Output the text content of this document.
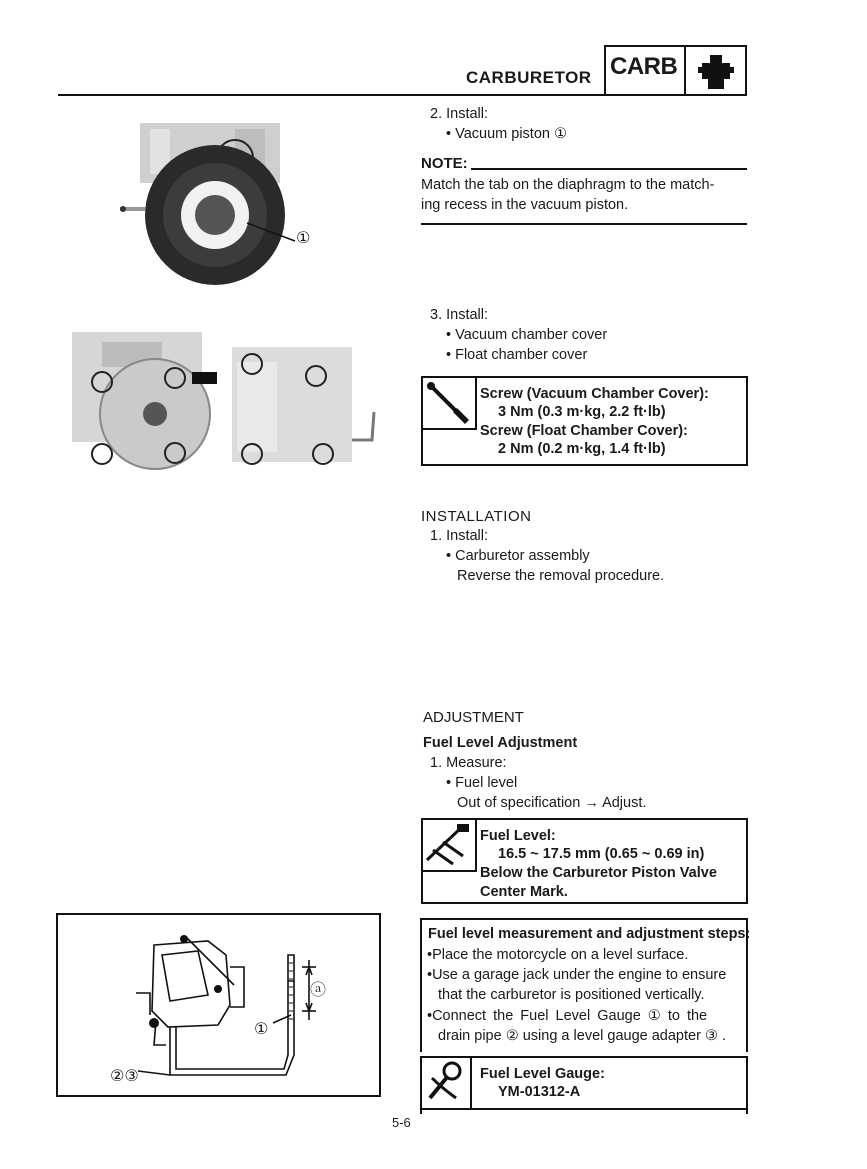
CARBURETOR CARB
①
2. Install:
• Vacuum piston ①
NOTE:
Match the tab on the diaphragm to the match-
ing recess in the vacuum piston.
3. Install:
• Vacuum chamber cover
• Float chamber cover
Screw (Vacuum Chamber Cover):
3 Nm (0.3 m·kg, 2.2 ft·lb)
Screw (Float Chamber Cover):
2 Nm (0.2 m·kg, 1.4 ft·lb)
INSTALLATION
1. Install:
• Carburetor assembly
Reverse the removal procedure.
ADJUSTMENT
Fuel Level Adjustment
1. Measure:
• Fuel level
Out of specification → Adjust.
Fuel Level:
16.5 ~ 17.5 mm (0.65 ~ 0.69 in)
Below the Carburetor Piston Valve
Center Mark.
Fuel level measurement and adjustment steps:
•Place the motorcycle on a level surface.
•Use a garage jack under the engine to ensure
that the carburetor is positioned vertically.
•Connect the Fuel Level Gauge ① to the
drain pipe ② using a level gauge adapter ③ .
Fuel Level Gauge:
YM-01312-A
ⓐ
①
②③
5-6
